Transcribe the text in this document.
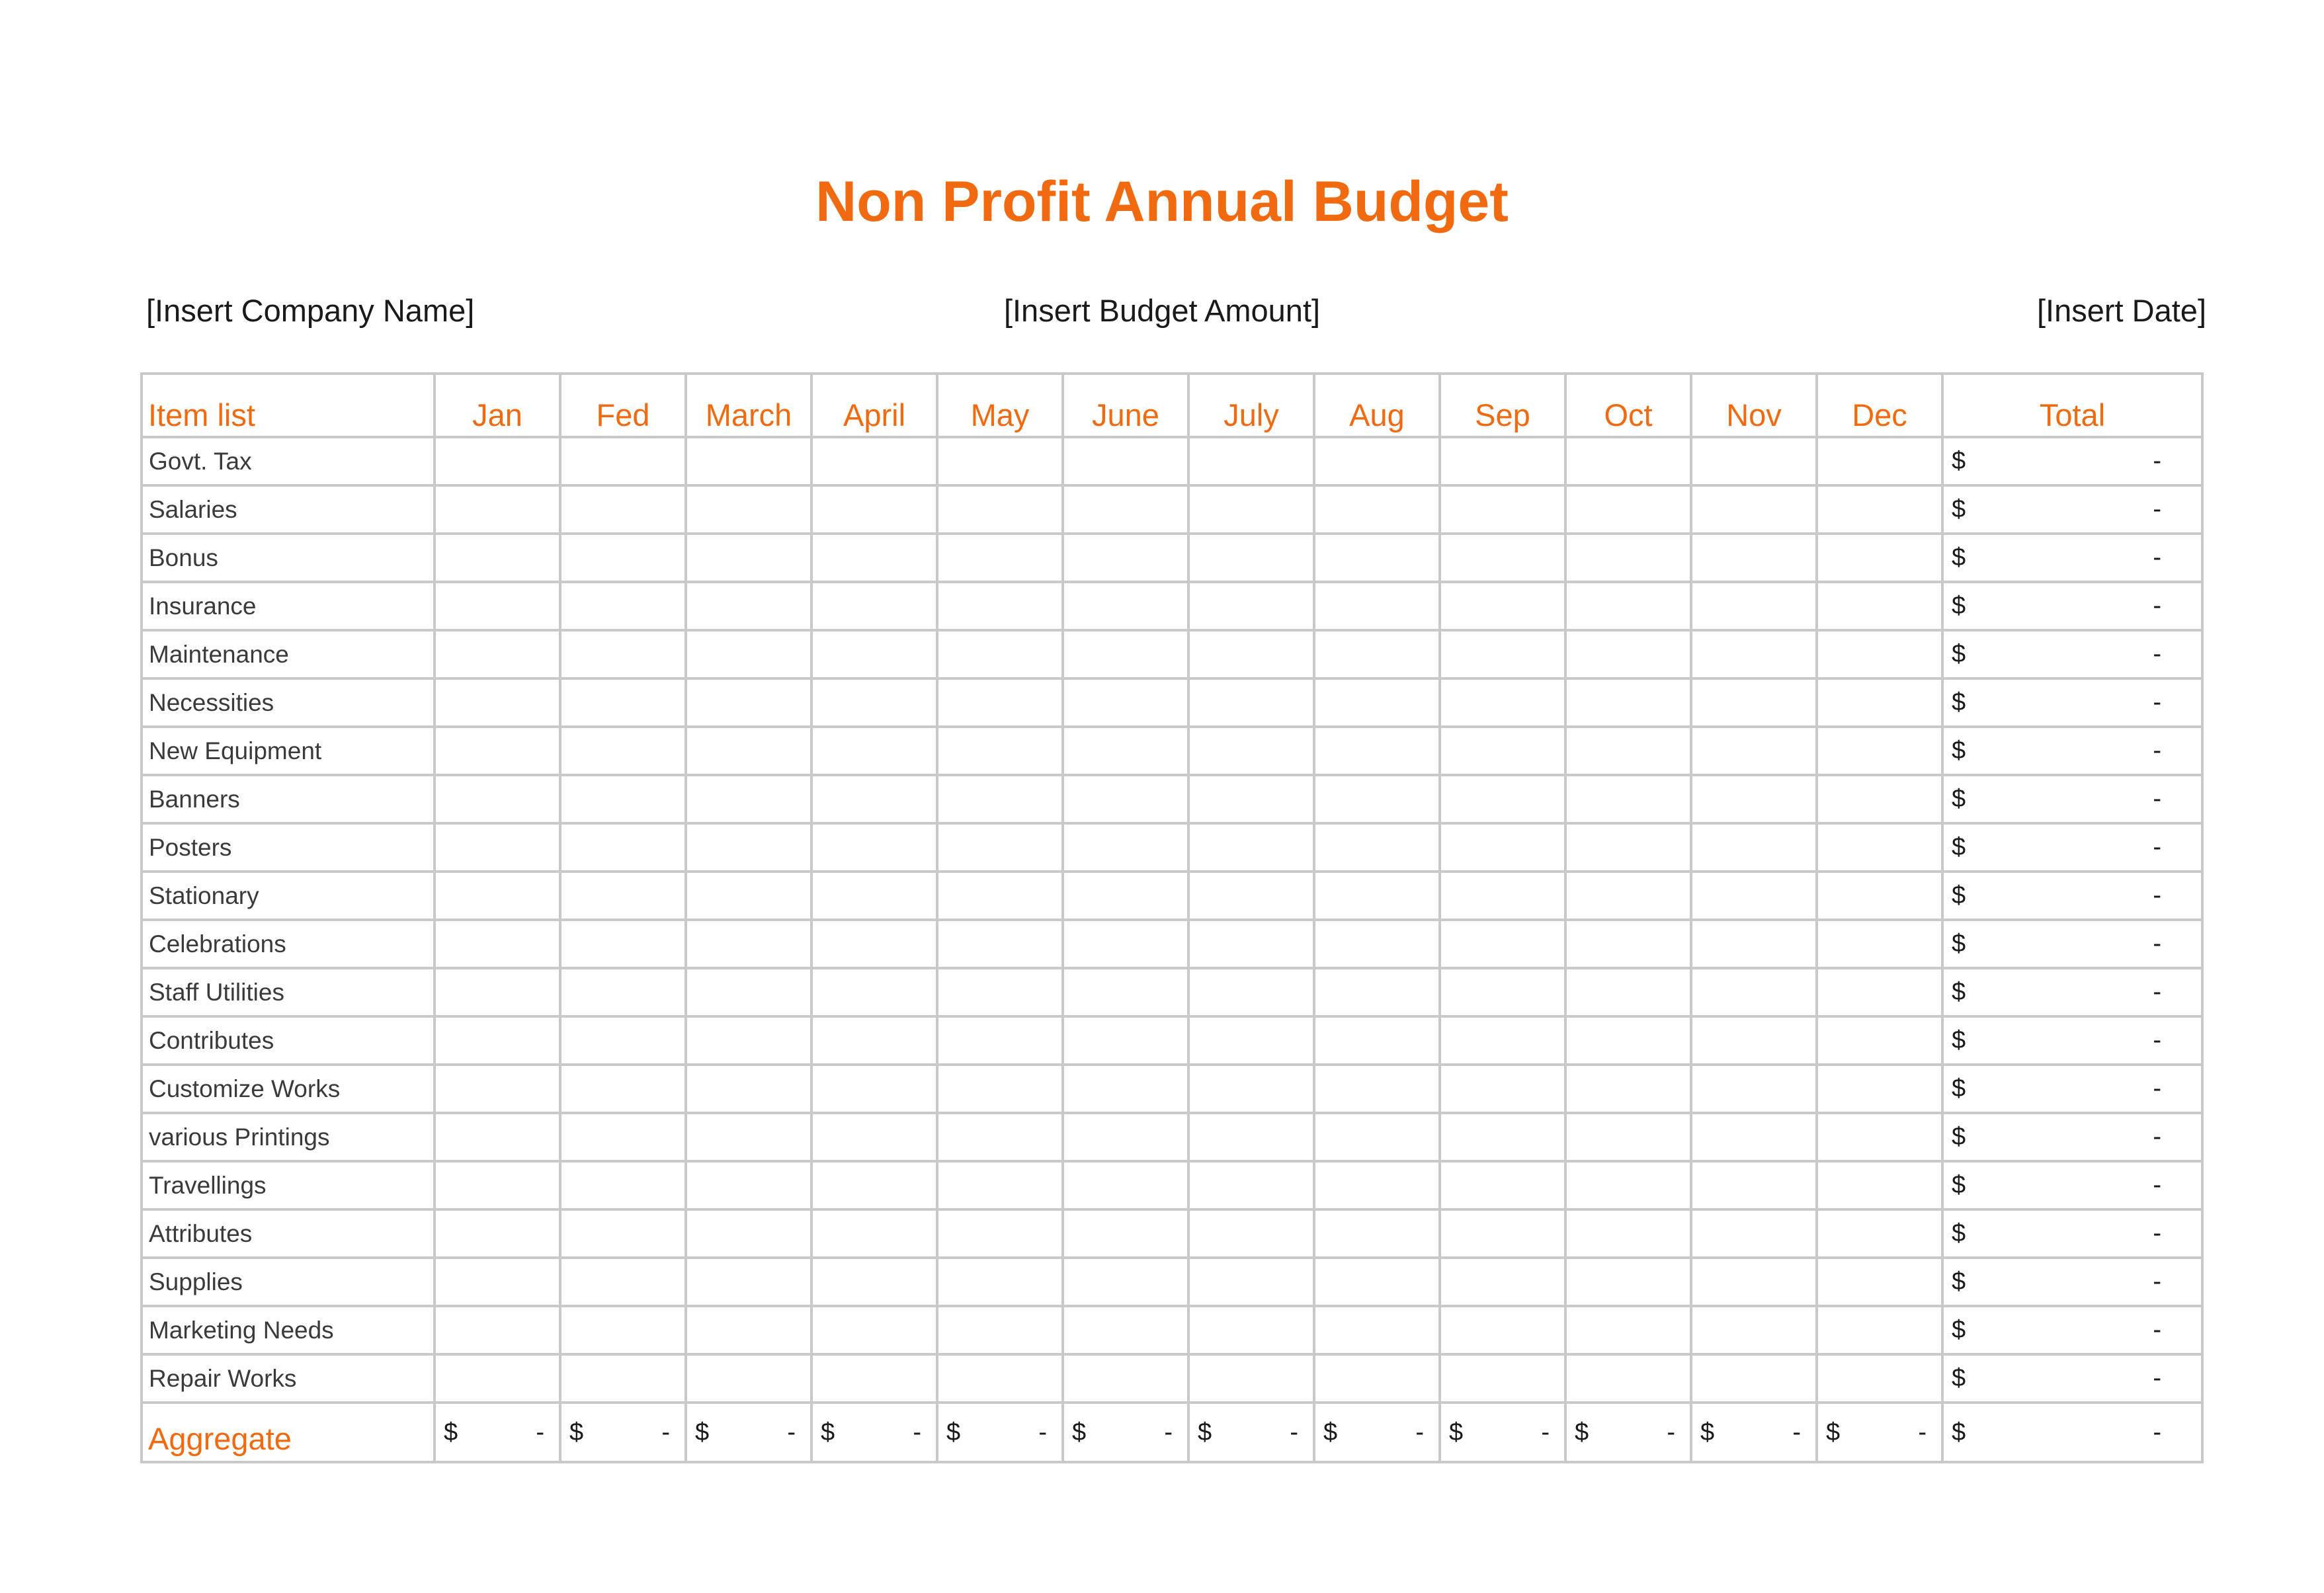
Non Profit Annual Budget
[Insert Company Name]	[Insert Budget Amount]	[Insert Date]
Item list	Jan	Fed	March	April	May	June	July	Aug	Sep	Oct	Nov	Dec	Total
Govt. Tax													$ -

Salaries													$ -

Bonus													$ -

Insurance													$ -

Maintenance													$ -

Necessities													$ -

New Equipment													$ -

Banners													$ -

Posters													$ -

Stationary													$ -

Celebrations													$ -

Staff Utilities													$ -

Contributes													$ -

Customize Works													$ -

various Printings													$ -

Travellings													$ -

Attributes													$ -

Supplies													$ -

Marketing Needs													$ -

Repair Works													$ -

Aggregate	$ -	$ -	$ -	$ -	$ -	$ -	$ -	$ -	$ -	$ -	$ -	$ -	$ -
